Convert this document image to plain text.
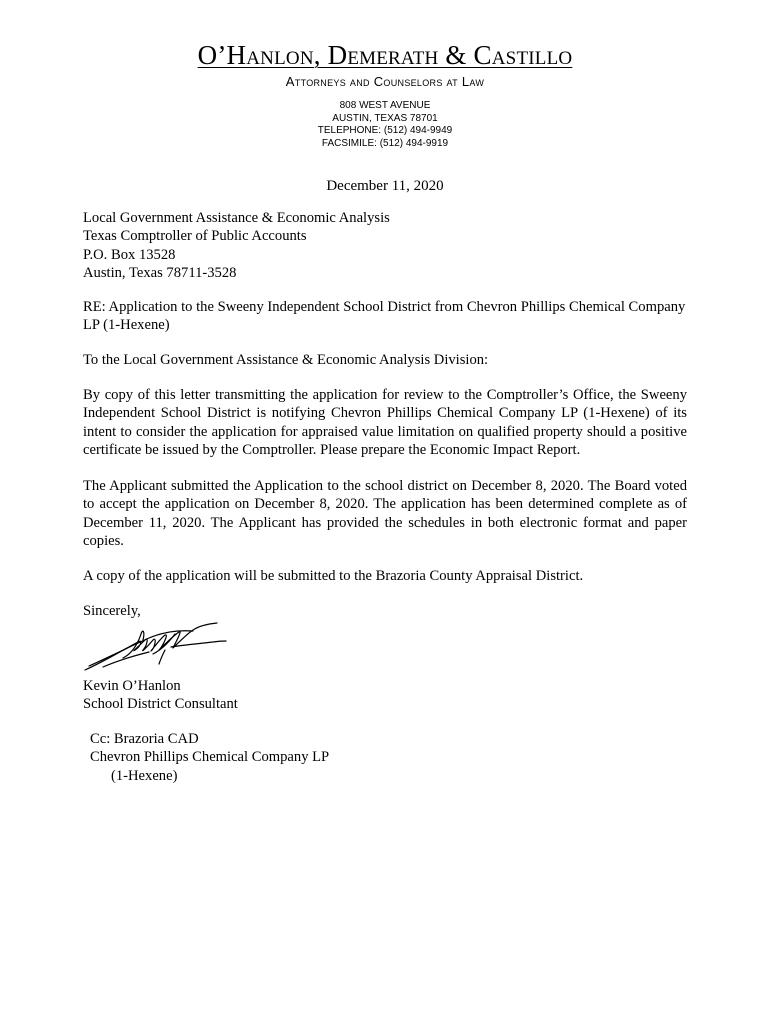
O’Hanlon, Demerath & Castillo
Attorneys and Counselors at Law
808 WEST AVENUE
AUSTIN, TEXAS 78701
TELEPHONE: (512) 494-9949
FACSIMILE: (512) 494-9919
December 11, 2020
Local Government Assistance & Economic Analysis
Texas Comptroller of Public Accounts
P.O. Box 13528
Austin, Texas 78711-3528
RE: Application to the Sweeny Independent School District from Chevron Phillips Chemical Company LP (1-Hexene)
To the Local Government Assistance & Economic Analysis Division:
By copy of this letter transmitting the application for review to the Comptroller’s Office, the Sweeny Independent School District is notifying Chevron Phillips Chemical Company LP (1-Hexene) of its intent to consider the application for appraised value limitation on qualified property should a positive certificate be issued by the Comptroller. Please prepare the Economic Impact Report.
The Applicant submitted the Application to the school district on December 8, 2020. The Board voted to accept the application on December 8, 2020. The application has been determined complete as of December 11, 2020. The Applicant has provided the schedules in both electronic format and paper copies.
A copy of the application will be submitted to the Brazoria County Appraisal District.
Sincerely,
Kevin O’Hanlon
School District Consultant
Cc: Brazoria CAD
Chevron Phillips Chemical Company LP
(1-Hexene)
